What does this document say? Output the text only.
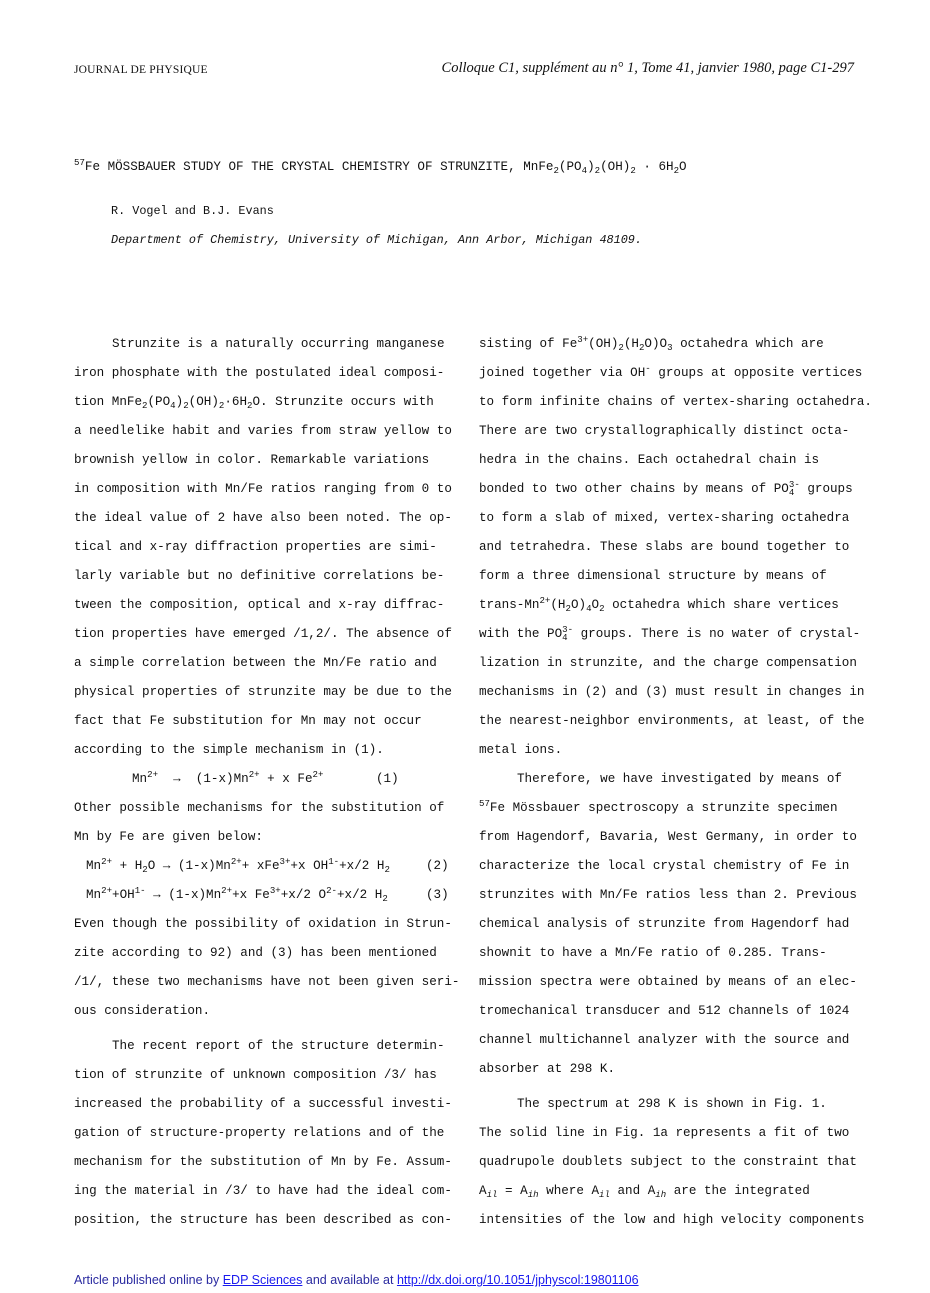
JOURNAL DE PHYSIQUE	Colloque C1, supplément au n° 1, Tome 41, janvier 1980, page C1-297
$^{57}$Fe MÖSSBAUER STUDY OF THE CRYSTAL CHEMISTRY OF STRUNZITE, $MnFe_2(PO_4)_2(OH)_2 \cdot 6H_2O$
R. Vogel and B.J. Evans
Department of Chemistry, University of Michigan, Ann Arbor, Michigan 48109.
Strunzite is a naturally occurring manganese
iron phosphate with the postulated ideal composi-
tion $MnFe_2(PO_4)_2(OH)_2\cdot 6H_2O$. Strunzite occurs with
a needlelike habit and varies from straw yellow to
brownish yellow in color. Remarkable variations
in composition with Mn/Fe ratios ranging from 0 to
the ideal value of 2 have also been noted. The op-
tical and x-ray diffraction properties are simi-
larly variable but no definitive correlations be-
tween the composition, optical and x-ray diffrac-
tion properties have emerged /1,2/. The absence of
a simple correlation between the Mn/Fe ratio and
physical properties of strunzite may be due to the
fact that Fe substitution for Mn may not occur
according to the simple mechanism in (1).
$Mn^{2+} \to (1-x)Mn^{2+} + x$ $Fe^{2+}$	(1)
Other possible mechanisms for the substitution of
Mn by Fe are given below:
$Mn^{2+} + H_2O \to (1-x)Mn^{2+}+ xFe^{3+}+x$ $OH^{1-}+x/2$ $H_2$	(2)
$Mn^{2+}+OH^{1-} \to (1-x)Mn^{2+}+x$ $Fe^{3+}+x/2$ $O^{2-}+x/2$ $H_2$	(3)
Even though the possibility of oxidation in Strun-
zite according to 92) and (3) has been mentioned
/1/, these two mechanisms have not been given seri-
ous consideration.
The recent report of the structure determin-
tion of strunzite of unknown composition /3/ has
increased the probability of a successful investi-
gation of structure-property relations and of the
mechanism for the substitution of Mn by Fe. Assum-
ing the material in /3/ to have had the ideal com-
position, the structure has been described as con-
sisting of $Fe^{3+}(OH)_2(H_2O)O_3$ octahedra which are
joined together via OH- groups at opposite vertices
to form infinite chains of vertex-sharing octahedra.
There are two crystallographically distinct octa-
hedra in the chains. Each octahedral chain is
bonded to two other chains by means of $PO_4^{3-}$ groups
to form a slab of mixed, vertex-sharing octahedra
and tetrahedra. These slabs are bound together to
form a three dimensional structure by means of
trans-$Mn^{2+}(H_2O)_4O_2$ octahedra which share vertices
with the $PO_4^{3-}$ groups. There is no water of crystal-
lization in strunzite, and the charge compensation
mechanisms in (2) and (3) must result in changes in
the nearest-neighbor environments, at least, of the
metal ions.
Therefore, we have investigated by means of
$^{57}$Fe Mössbauer spectroscopy a strunzite specimen
from Hagendorf, Bavaria, West Germany, in order to
characterize the local crystal chemistry of Fe in
strunzites with Mn/Fe ratios less than 2. Previous
chemical analysis of strunzite from Hagendorf had
shownit to have a Mn/Fe ratio of 0.285. Trans-
mission spectra were obtained by means of an elec-
tromechanical transducer and 512 channels of 1024
channel multichannel analyzer with the source and
absorber at 298 K.
The spectrum at 298 K is shown in Fig. 1.
The solid line in Fig. 1a represents a fit of two
quadrupole doublets subject to the constraint that
$A_{il} = A_{ih}$ where $A_{il}$ and $A_{ih}$ are the integrated
intensities of the low and high velocity components
Article published online by EDP Sciences and available at http://dx.doi.org/10.1051/jphyscol:19801106
